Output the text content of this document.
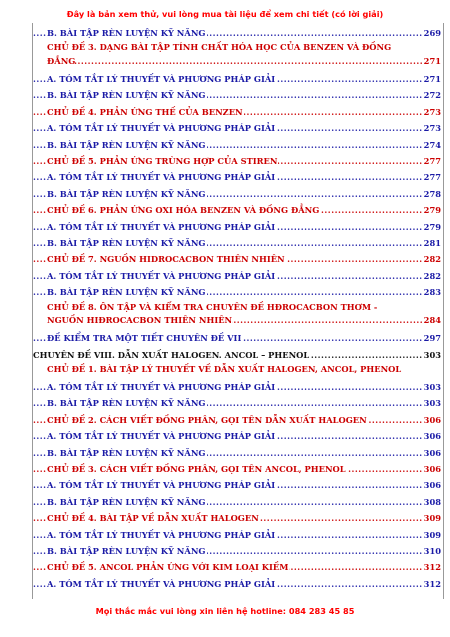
Đây là bản xem thử, vui lòng mua tài liệu để xem chi tiết (có lời giải)
..... B. BÀI TẬP RÈN LUYỆN KỸ NĂNG	269
CHỦ ĐỀ 3. DẠNG BÀI TẬP TÍNH CHẤT HÓA HỌC CỦA BENZEN VÀ ĐỒNG
..... ĐẲNG	271
..... A. TÓM TẮT LÝ THUYẾT VÀ PHƯƠNG PHÁP GIẢI	271
..... B. BÀI TẬP RÈN LUYỆN KỸ NĂNG	272
..... CHỦ ĐỀ 4. PHẢN ỨNG THẾ CỦA BENZEN	273
..... A. TÓM TẮT LÝ THUYẾT VÀ PHƯƠNG PHÁP GIẢI	273
..... B. BÀI TẬP RÈN LUYỆN KỸ NĂNG	274
..... CHỦ ĐỀ 5. PHẢN ỨNG TRÙNG HỢP CỦA STIREN	277
..... A. TÓM TẮT LÝ THUYẾT VÀ PHƯƠNG PHÁP GIẢI	277
..... B. BÀI TẬP RÈN LUYỆN KỸ NĂNG	278
..... CHỦ ĐỀ 6. PHẢN ỨNG OXI HÓA BENZEN VÀ ĐỒNG ĐẲNG	279
..... A. TÓM TẮT LÝ THUYẾT VÀ PHƯƠNG PHÁP GIẢI	279
..... B. BÀI TẬP RÈN LUYỆN KỸ NĂNG	281
..... CHỦ ĐỀ 7. NGUỒN HIDROCACBON THIÊN NHIÊN	282
..... A. TÓM TẮT LÝ THUYẾT VÀ PHƯƠNG PHÁP GIẢI	282
..... B. BÀI TẬP RÈN LUYỆN KỸ NĂNG	283
CHỦ ĐỀ 8. ÔN TẬP VÀ KIỂM TRA CHUYÊN ĐỀ HĐROCACBON THƠM -
..... NGUỒN HIĐROCACBON THIÊN NHIÊN	284
..... ĐỀ KIỂM TRA MỘT TIẾT CHUYÊN ĐỀ VII	297
..... CHUYÊN ĐỀ VIII. DẪN XUẤT HALOGEN. ANCOL – PHENOL	303
CHỦ ĐỀ 1. BÀI TẬP LÝ THUYẾT VỀ DẪN XUẤT HALOGEN, ANCOL, PHENOL
..... A. TÓM TẮT LÝ THUYẾT VÀ PHƯƠNG PHÁP GIẢI	303
..... B. BÀI TẬP RÈN LUYỆN KỸ NĂNG	303
..... CHỦ ĐỀ 2. CÁCH VIẾT ĐỒNG PHÂN, GỌI TÊN DẪN XUẤT HALOGEN	306
..... A. TÓM TẮT LÝ THUYẾT VÀ PHƯƠNG PHÁP GIẢI	306
..... B. BÀI TẬP RÈN LUYỆN KỸ NĂNG	306
..... CHỦ ĐỀ 3. CÁCH VIẾT ĐỒNG PHÂN, GỌI TÊN ANCOL, PHENOL	306
..... A. TÓM TẮT LÝ THUYẾT VÀ PHƯƠNG PHÁP GIẢI	306
..... B. BÀI TẬP RÈN LUYỆN KỸ NĂNG	308
..... CHỦ ĐỀ 4. BÀI TẬP VỀ DẪN XUẤT HALOGEN	309
..... A. TÓM TẮT LÝ THUYẾT VÀ PHƯƠNG PHÁP GIẢI	309
..... B. BÀI TẬP RÈN LUYỆN KỸ NĂNG	310
..... CHỦ ĐỀ 5. ANCOL PHẢN ỨNG VỚI KIM LOẠI KIỀM	312
..... A. TÓM TẮT LÝ THUYẾT VÀ PHƯƠNG PHÁP GIẢI	312
Mọi thắc mắc vui lòng xin liên hệ hotline: 084 283 45 85
